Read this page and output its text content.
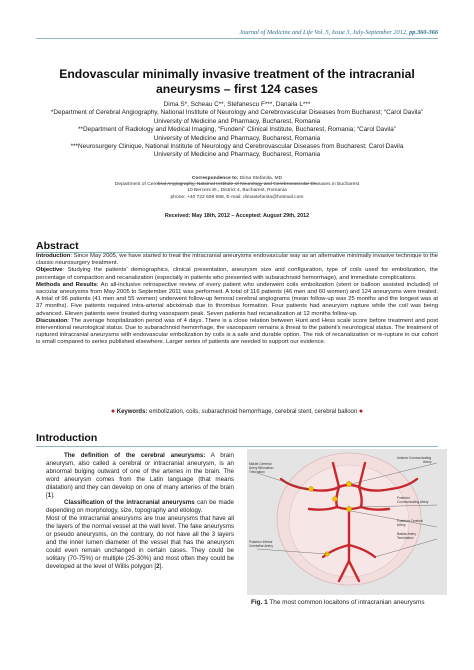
Journal of Medicine and Life Vol. 5, Issue 3, July-September 2012, pp.360-366
Endovascular minimally invasive treatment of the intracranial
aneurysms – first 124 cases
Dima S*, Scheau C**, Stefanescu F***, Danaila L***
*Department of Cerebral Angiography, National Institute of Neurology and Cerebrovascular Diseases from Bucharest; “Carol Davila”
University of Medicine and Pharmacy, Bucharest, Romania
**Department of Radiology and Medical Imaging, “Fundeni” Clinical Institute, Bucharest, Romania; “Carol Davila”
University of Medicine and Pharmacy, Bucharest, Romania
***Neurosurgery Clinique, National Institute of Neurology and Cerebrovascular Diseases from Bucharest; Carol Davila
University of Medicine and Pharmacy, Bucharest, Romania
Correspondence to: Dima Stefanita, MD
Department of Cerebral Angiography, National Institute of Neurology and Cerebrovascular Diseases in Bucharest
10 Berceni St., District 4, Bucharest, Romania
phone: +40 722 608 698, E-mail: dimastefanita@hotmail.com
Received: May 18th, 2012 – Accepted: August 29th, 2012
Abstract

Introduction: Since May 2005, we have started to treat the intracranial aneurysms endovascular way as an alternative minimally invasive technique to the classic neurosurgery treatment.

Objective: Studying the patients’ demographics, clinical presentation, aneurysm size and configuration, type of coils used for embolization, the percentage of compaction and recanalization (especially in patients who presented with subarachnoid hemorrhage), and immediate complications.

Methods and Results: An all-inclusive retrospective review of every patient who underwent coils embolization (stent or balloon assisted included) of saccular aneurysms from May 2005 to September 2011 was performed. A total of 116 patients (46 men and 60 women) and 124 aneurysms were treated. A total of 96 patients (41 men and 55 women) underwent follow-up femoral cerebral angiograms (mean follow-up was 25 months and the longest was at 37 months). Five patients required intra-arterial abciximab due to thrombus formation. Four patients had aneurysm rupture while the coil was being advanced. Eleven patients were treated during vasospasm peak. Seven patients had recanalization at 12 months follow-up.

Discussion: The average hospitalization period was of 4 days. There is a close relation between Hunt and Hess scale score before treatment and post interventional neurological status. Due to subarachnoid hemorrhage, the vasospasm remains a threat to the patient’s neurological status. The treatment of ruptured intracranial aneurysms with endovascular embolization by coils is a safe and durable option. The risk of recanalization or re-rupture in our cohort is small compared to series published elsewhere. Larger series of patients are needed to support our evidence.

● Keywords: embolization, coils, subarachnoid hemorrhage, cerebral stent, cerebral balloon ●
Introduction

The definition of the cerebral aneurysms: A brain aneurysm, also called a cerebral or intracranial aneurysm, is an abnormal bulging outward of one of the arteries in the brain. The word aneurysm comes from the Latin language (that means dilatation) and they can develop on one of many arteries of the brain [1].

Classification of the intracranial aneurysms can be made depending on morphology, size, topography and etiology.

Most of the intracranial aneurysms are true aneurysms that have all the layers of the normal vessel at the wall level. The fake aneurysms or pseudo aneurysms, on the contrary, do not have all the 3 layers and the inner lumen diameter of the vessel that has the aneurysm could even remain unchanged in certain cases. They could be solitary (70-75%) or multiple (25-30%) and most often they could be developed at the level of Willis polygon [2].

Middle Cerebral
Artery Bifurcation
Trifurcation
Posterior Inferior
Cerebellar Artery
Anterior Communicating
Artery
Posterior
Communicating Artery
Posterior Cerebral
Artery
Basilar Artery
Termination
Fig. 1 The most common locaitons of intracranian aneurysms
